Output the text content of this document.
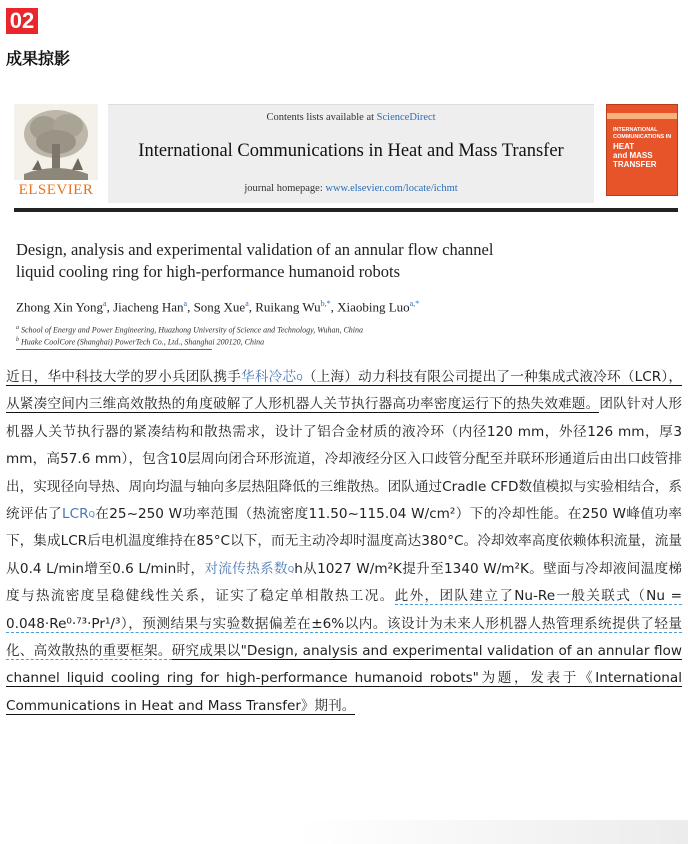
02
成果掠影
ELSEVIER
Contents lists available at ScienceDirect
International Communications in Heat and Mass Transfer
journal homepage: www.elsevier.com/locate/ichmt
INTERNATIONAL COMMUNICATIONS IN
HEAT
and MASS
TRANSFER
Design, analysis and experimental validation of an annular flow channel
liquid cooling ring for high-performance humanoid robots
Zhong Xin Yong$^a$, Jiacheng Han$^a$, Song Xue$^a$, Ruikang $Wu^{b,*}$, Xiaobing Luo$^{a,*}$
$^a$ School of Energy and Power Engineering, Huazhong University of Science and Technology, Wuhan, China
$^b$ Huake CoolCore (Shanghai) PowerTech Co., Ltd., Shanghai 200120, China
近日，华中科技大学的罗小兵团队携手华科冷芯$^Q$（上海）动力科技有限公司提出了一种集成式液冷环（LCR），从紧凑空间内三维高效散热的角度破解了人形机器人关节执行器高功率密度运行下的热失效难题。团队针对人形机器人关节执行器的紧凑结构和散热需求，设计了铝合金材质的液冷环（内径120 mm，外径126 mm，厚3 mm，高57.6 mm），包含10层周向闭合环形流道，冷却液经分区入口歧管分配至并联环形通道后由出口歧管排出，实现径向导热、周向均温与轴向多层热阻降低的三维散热。团队通过Cradle CFD数值模拟与实验相结合，系统评估了$LCR^Q$在25~250 W功率范围（热流密度11.50~115.04 W/cm²）下的冷却性能。在250 W峰值功率下，集成LCR后电机温度维持在85°C以下，而无主动冷却时温度高达380°C。冷却效率高度依赖体积流量，流量从0.4 L/min增至0.6 L/min时，对流传热系数$^Q$h从1027 W/m²K提升至1340 W/m²K。壁面与冷却液间温度梯度与热流密度呈稳健线性关系，证实了稳定单相散热工况。此外，团队建立了Nu-Re一般关联式（Nu = 0.048·Re⁰·⁷³·Pr¹/³），预测结果与实验数据偏差在±6%以内。该设计为未来人形机器人热管理系统提供了轻量化、高效散热的重要框架。研究成果以"Design, analysis and experimental validation of an annular flow channel liquid cooling ring for high-performance humanoid robots"为题，发表于《International Communications in Heat and Mass Transfer》期刊。
